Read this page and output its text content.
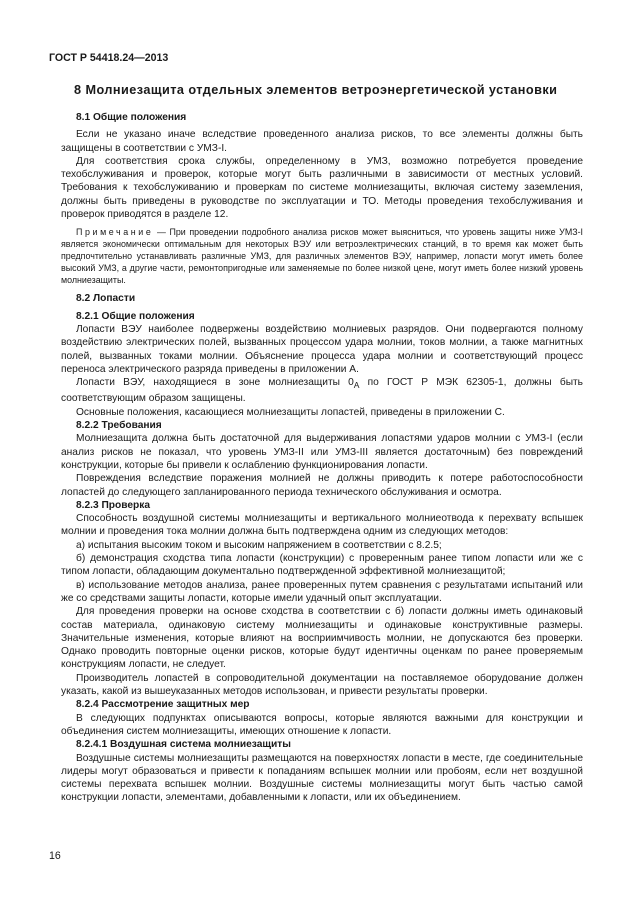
ГОСТ Р 54418.24—2013
8 Молниезащита отдельных элементов ветроэнергетической установки

8.1 Общие положения

Если не указано иначе вследствие проведенного анализа рисков, то все элементы должны быть защищены в соответствии с УМЗ-I.

Для соответствия срока службы, определенному в УМЗ, возможно потребуется проведение техобслуживания и проверок, которые могут быть различными в зависимости от местных условий. Требования к техобслуживанию и проверкам по системе молниезащиты, включая систему заземления, должны быть приведены в руководстве по эксплуатации и ТО. Методы проведения техобслуживания и проверок приводятся в разделе 12.

Примечание — При проведении подробного анализа рисков может выясниться, что уровень защиты ниже УМЗ-I является экономически оптимальным для некоторых ВЭУ или ветроэлектрических станций, в то время как может быть предпочтительно устанавливать различные УМЗ, для различных элементов ВЭУ, например, лопасти могут иметь более высокий УМЗ, а другие части, ремонтопригодные или заменяемые по более низкой цене, могут иметь более низкий уровень молниезащиты.

8.2 Лопасти

8.2.1 Общие положения

Лопасти ВЭУ наиболее подвержены воздействию молниевых разрядов. Они подвергаются полному воздействию электрических полей, вызванных процессом удара молнии, токов молнии, а также магнитных полей, вызванных токами молнии. Объяснение процесса удара молнии и соответствующий процесс переноса электрического разряда приведены в приложении А.

Лопасти ВЭУ, находящиеся в зоне молниезащиты $0_A$ по ГОСТ Р МЭК 62305-1, должны быть соответствующим образом защищены.

Основные положения, касающиеся молниезащиты лопастей, приведены в приложении С.

8.2.2 Требования

Молниезащита должна быть достаточной для выдерживания лопастями ударов молнии с УМЗ-I (если анализ рисков не показал, что уровень УМЗ-II или УМЗ-III является достаточным) без повреждений конструкции, которые бы привели к ослаблению функционирования лопасти.

Повреждения вследствие поражения молнией не должны приводить к потере работоспособности лопастей до следующего запланированного периода технического обслуживания и осмотра.

8.2.3 Проверка

Способность воздушной системы молниезащиты и вертикального молниеотвода к перехвату вспышек молнии и проведения тока молнии должна быть подтверждена одним из следующих методов:

а) испытания высоким током и высоким напряжением в соответствии с 8.2.5;

б) демонстрация сходства типа лопасти (конструкции) с проверенным ранее типом лопасти или же с типом лопасти, обладающим документально подтвержденной эффективной молниезащитой;

в) использование методов анализа, ранее проверенных путем сравнения с результатами испытаний или же со средствами защиты лопасти, которые имели удачный опыт эксплуатации.

Для проведения проверки на основе сходства в соответствии с б) лопасти должны иметь одинаковый состав материала, одинаковую систему молниезащиты и одинаковые конструктивные размеры. Значительные изменения, которые влияют на восприимчивость молнии, не допускаются без проверки. Однако проводить повторные оценки рисков, которые будут идентичны оценкам по ранее проверяемым конструкциям лопасти, не следует.

Производитель лопастей в сопроводительной документации на поставляемое оборудование должен указать, какой из вышеуказанных методов использован, и привести результаты проверки.

8.2.4 Рассмотрение защитных мер

В следующих подпунктах описываются вопросы, которые являются важными для конструкции и объединения систем молниезащиты, имеющих отношение к лопасти.

8.2.4.1 Воздушная система молниезащиты

Воздушные системы молниезащиты размещаются на поверхностях лопасти в месте, где соединительные лидеры могут образоваться и привести к попаданиям вспышек молнии или пробоям, если нет воздушной системы перехвата вспышек молнии. Воздушные системы молниезащиты могут быть частью самой конструкции лопасти, элементами, добавленными к лопасти, или их объединением.

16
